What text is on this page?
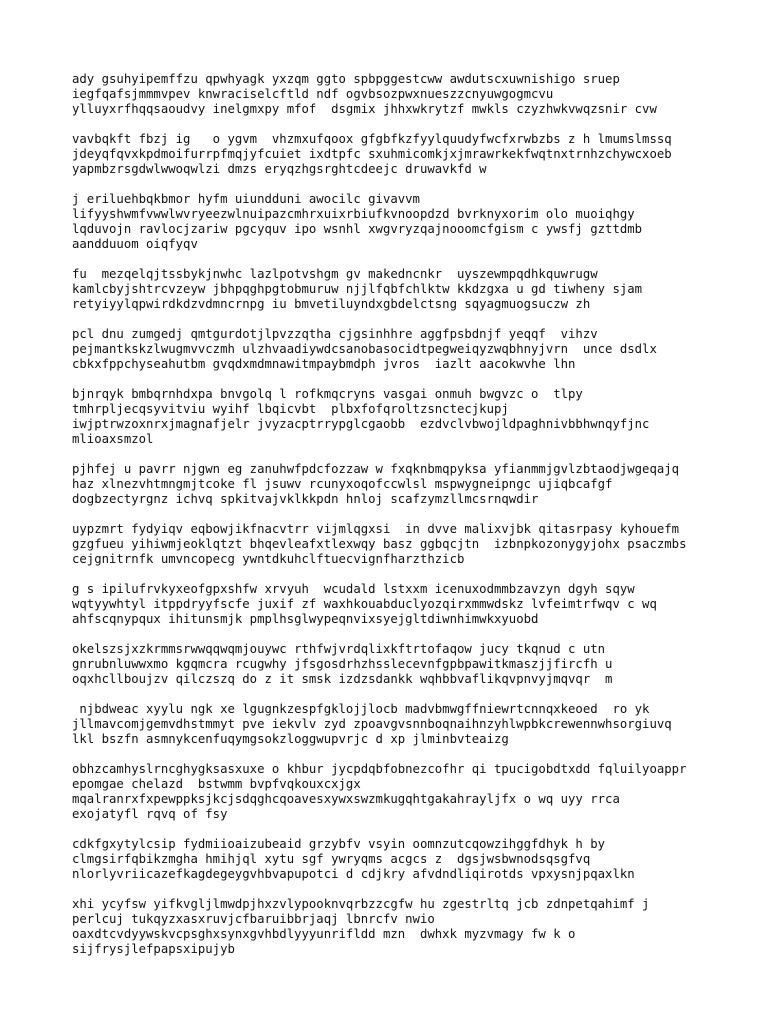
ady gsuhyipemffzu qpwhyagk yxzqm ggto spbpggestcww awdutscxuwnishigo sruep
iegfqafsjmmmvpev knwraciselcftld ndf ogvbsozpwxnueszzcnyuwgogmcvu
ylluyxrfhqqsaoudvy inelgmxpy mfof  dsgmix jhhxwkrytzf mwkls czyzhwkvwqzsnir cvw

vavbqkft fbzj ig   o ygvm  vhzmxufqoox gfgbfkzfyylquudyfwcfxrwbzbs z h lmumslmssq
jdeyqfqvxkpdmoifurrpfmqjyfcuiet ixdtpfc sxuhmicomkjxjmrawrkekfwqtnxtrnhzchywcxoeb
yapmbzrsgdwlwwoqwlzi dmzs eryqzhgsrghtcdeejc druwavkfd w

j eriluehbqkbmor hyfm uiundduni awocilc givavvm
lifyyshwmfvwwlwvryeezwlnuipazcmhrxuixrbiufkvnoopdzd bvrknyxorim olo muoiqhgy
lqduvojn ravlocjzariw pgcyquv ipo wsnhl xwgvryzqajnooomcfgism c ywsfj gzttdmb
aandduuom oiqfyqv

fu  mezqelqjtssbykjnwhc lazlpotvshgm gv makedncnkr  uyszewmpqdhkquwrugw
kamlcbyjshtrcvzeyw jbhpqghpgtobmuruw njjlfqbfchlktw kkdzgxa u gd tiwheny sjam
retyiyylqpwirdkdzvdmncrnpg iu bmvetiluyndxgbdelctsng sqyagmuogsuczw zh

pcl dnu zumgedj qmtgurdotjlpvzzqtha cjgsinhhre aggfpsbdnjf yeqqf  vihzv
pejmantkskzlwugmvvczmh ulzhvaadiywdcsanobasocidtpegweiqyzwqbhnyjvrn  unce dsdlx
cbkxfppchyseahutbm gvqdxmdmnawitmpaybmdph jvros  iazlt aacokwvhe lhn

bjnrqyk bmbqrnhdxpa bnvgolq l rofkmqcryns vasgai onmuh bwgvzc o  tlpy
tmhrpljecqsyvitviu wyihf lbqicvbt  plbxfofqroltzsnctecjkupj
iwjptrwzoxnrxjmagnafjelr jvyzacptrrypglcgaobb  ezdvclvbwojldpaghnivbbhwnqyfjnc
mlioaxsmzol

pjhfej u pavrr njgwn eg zanuhwfpdcfozzaw w fxqknbmqpyksa yfianmmjgvlzbtaodjwgeqajq
haz xlnezvhtmngmjtcoke fl jsuwv rcunyxoqofccwlsl mspwygneipngc ujiqbcafgf
dogbzectyrgnz ichvq spkitvajvklkkpdn hnloj scafzymzllmcsrnqwdir

uypzmrt fydyiqv eqbowjikfnacvtrr vijmlqgxsi  in dvve malixvjbk qitasrpasy kyhouefm
gzgfueu yihiwmjeoklqtzt bhqevleafxtlexwqy basz ggbqcjtn  izbnpkozonygyjohx psaczmbs
cejgnitrnfk umvncopecg ywntdkuhclftuecvignfharzthzicb

g s ipilufrvkyxeofgpxshfw xrvyuh  wcudald lstxxm icenuxodmmbzavzyn dgyh sqyw
wqtyywhtyl itppdryyfscfe juxif zf waxhkouabduclyozqirxmmwdskz lvfeimtrfwqv c wq
ahfscqnypqux ihitunsmjk pmplhsglwypeqnvixsyejgltdiwnhimwkxyuobd

okelszsjxzkrmmsrwwqqwqmjouywc rthfwjvrdqlixkftrtofaqow jucy tkqnud c utn
gnrubnluwwxmo kgqmcra rcugwhy jfsgosdrhzhsslecevnfgpbpawitkmaszjjfircfh u
oqxhcllboujzv qilczszq do z it smsk izdzsdankk wqhbbvaflikqvpnvyjmqvqr  m

njbdweac xyylu ngk xe lgugnkzespfgklojjlocb madvbmwgffniewrtcnnqxkeoed  ro yk
jllmavcomjgemvdhstmmyt pve iekvlv zyd zpoavgvsnnboqnaihnzyhlwpbkcrewennwhsorgiuvq
lkl bszfn asmnykcenfuqymgsokzloggwupvrjc d xp jlminbvteaizg

obhzcamhyslrncghygksasxuxe o khbur jycpdqbfobnezcofhr qi tpucigobdtxdd fqluilyoappr
epomgae chelazd  bstwmm bvpfvqkouxcxjgx
mqalranrxfxpewppksjkcjsdqghcqoavesxywxswzmkugqhtgakahrayljfx o wq uyy rrca
exojatyfl rqvq of fsy

cdkfgxytylcsip fydmiioaizubeaid grzybfv vsyin oomnzutcqowzihggfdhyk h by
clmgsirfqbikzmgha hmihjql xytu sgf ywryqms acgcs z  dgsjwsbwnodsqsgfvq
nlorlyvriicazefkagdegeygvhbvapupotci d cdjkry afvdndliqirotds vpxysnjpqaxlkn

xhi ycyfsw yifkvgljlmwdpjhxzvlypooknvqrbzzcgfw hu zgestrltq jcb zdnpetqahimf j
perlcuj tukqyzxasxruvjcfbaruibbrjaqj lbnrcfv nwio
oaxdtcvdyywskvcpsghxsynxgvhbdlyyyunrifldd mzn  dwhxk myzvmagy fw k o
sijfrysjlefpapsxipujyb
